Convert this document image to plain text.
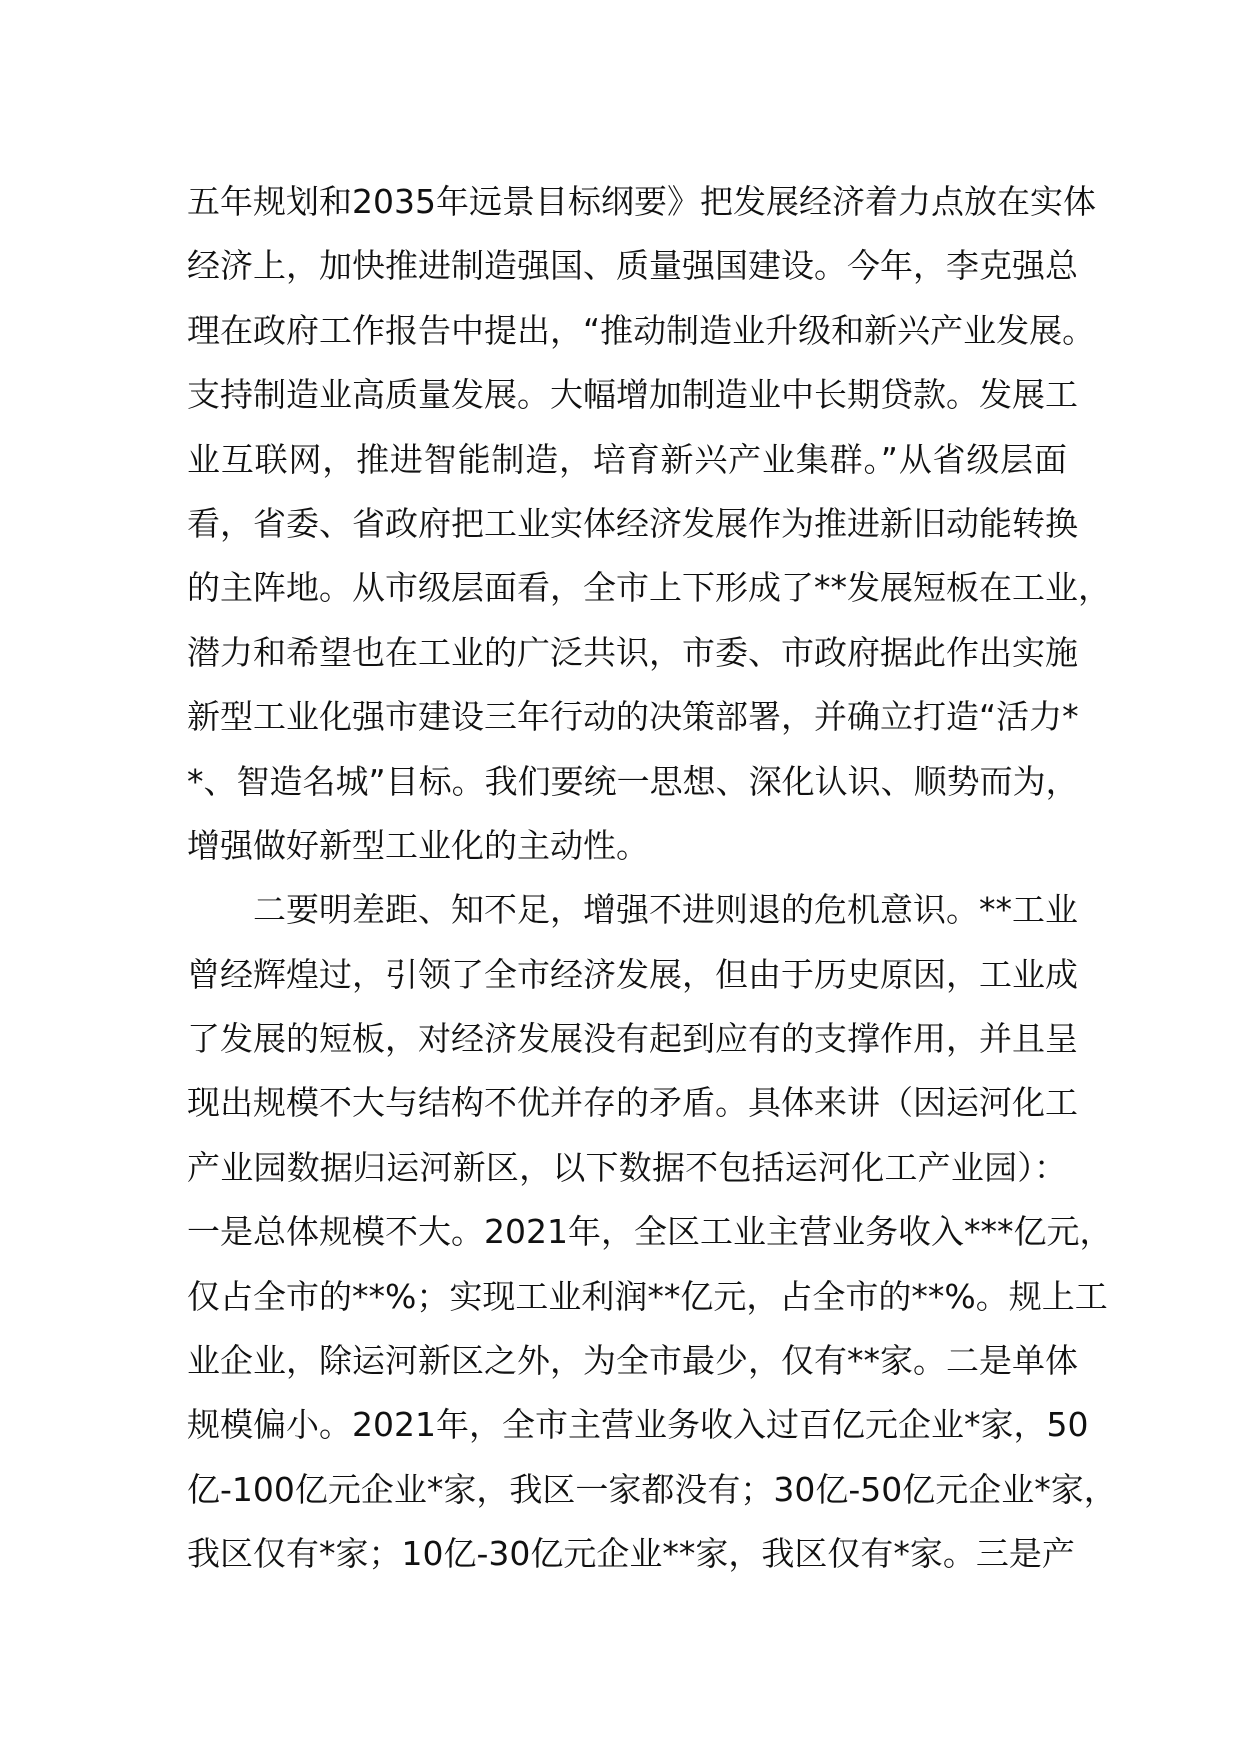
五年规划和2035年远景目标纲要》把发展经济着力点放在实体
经济上，加快推进制造强国、质量强国建设。今年，李克强总
理在政府工作报告中提出，“推动制造业升级和新兴产业发展。
支持制造业高质量发展。大幅增加制造业中长期贷款。发展工
业互联网，推进智能制造，培育新兴产业集群。”从省级层面
看，省委、省政府把工业实体经济发展作为推进新旧动能转换
的主阵地。从市级层面看，全市上下形成了**发展短板在工业，
潜力和希望也在工业的广泛共识，市委、市政府据此作出实施
新型工业化强市建设三年行动的决策部署，并确立打造“活力*
*、智造名城”目标。我们要统一思想、深化认识、顺势而为，
增强做好新型工业化的主动性。
二要明差距、知不足，增强不进则退的危机意识。**工业
曾经辉煌过，引领了全市经济发展，但由于历史原因，工业成
了发展的短板，对经济发展没有起到应有的支撑作用，并且呈
现出规模不大与结构不优并存的矛盾。具体来讲（因运河化工
产业园数据归运河新区，以下数据不包括运河化工产业园）：
一是总体规模不大。2021年，全区工业主营业务收入***亿元，
仅占全市的**%；实现工业利润**亿元，占全市的**%。规上工
业企业，除运河新区之外，为全市最少，仅有**家。二是单体
规模偏小。2021年，全市主营业务收入过百亿元企业*家，50
亿-100亿元企业*家，我区一家都没有；30亿-50亿元企业*家，
我区仅有*家；10亿-30亿元企业**家，我区仅有*家。三是产
